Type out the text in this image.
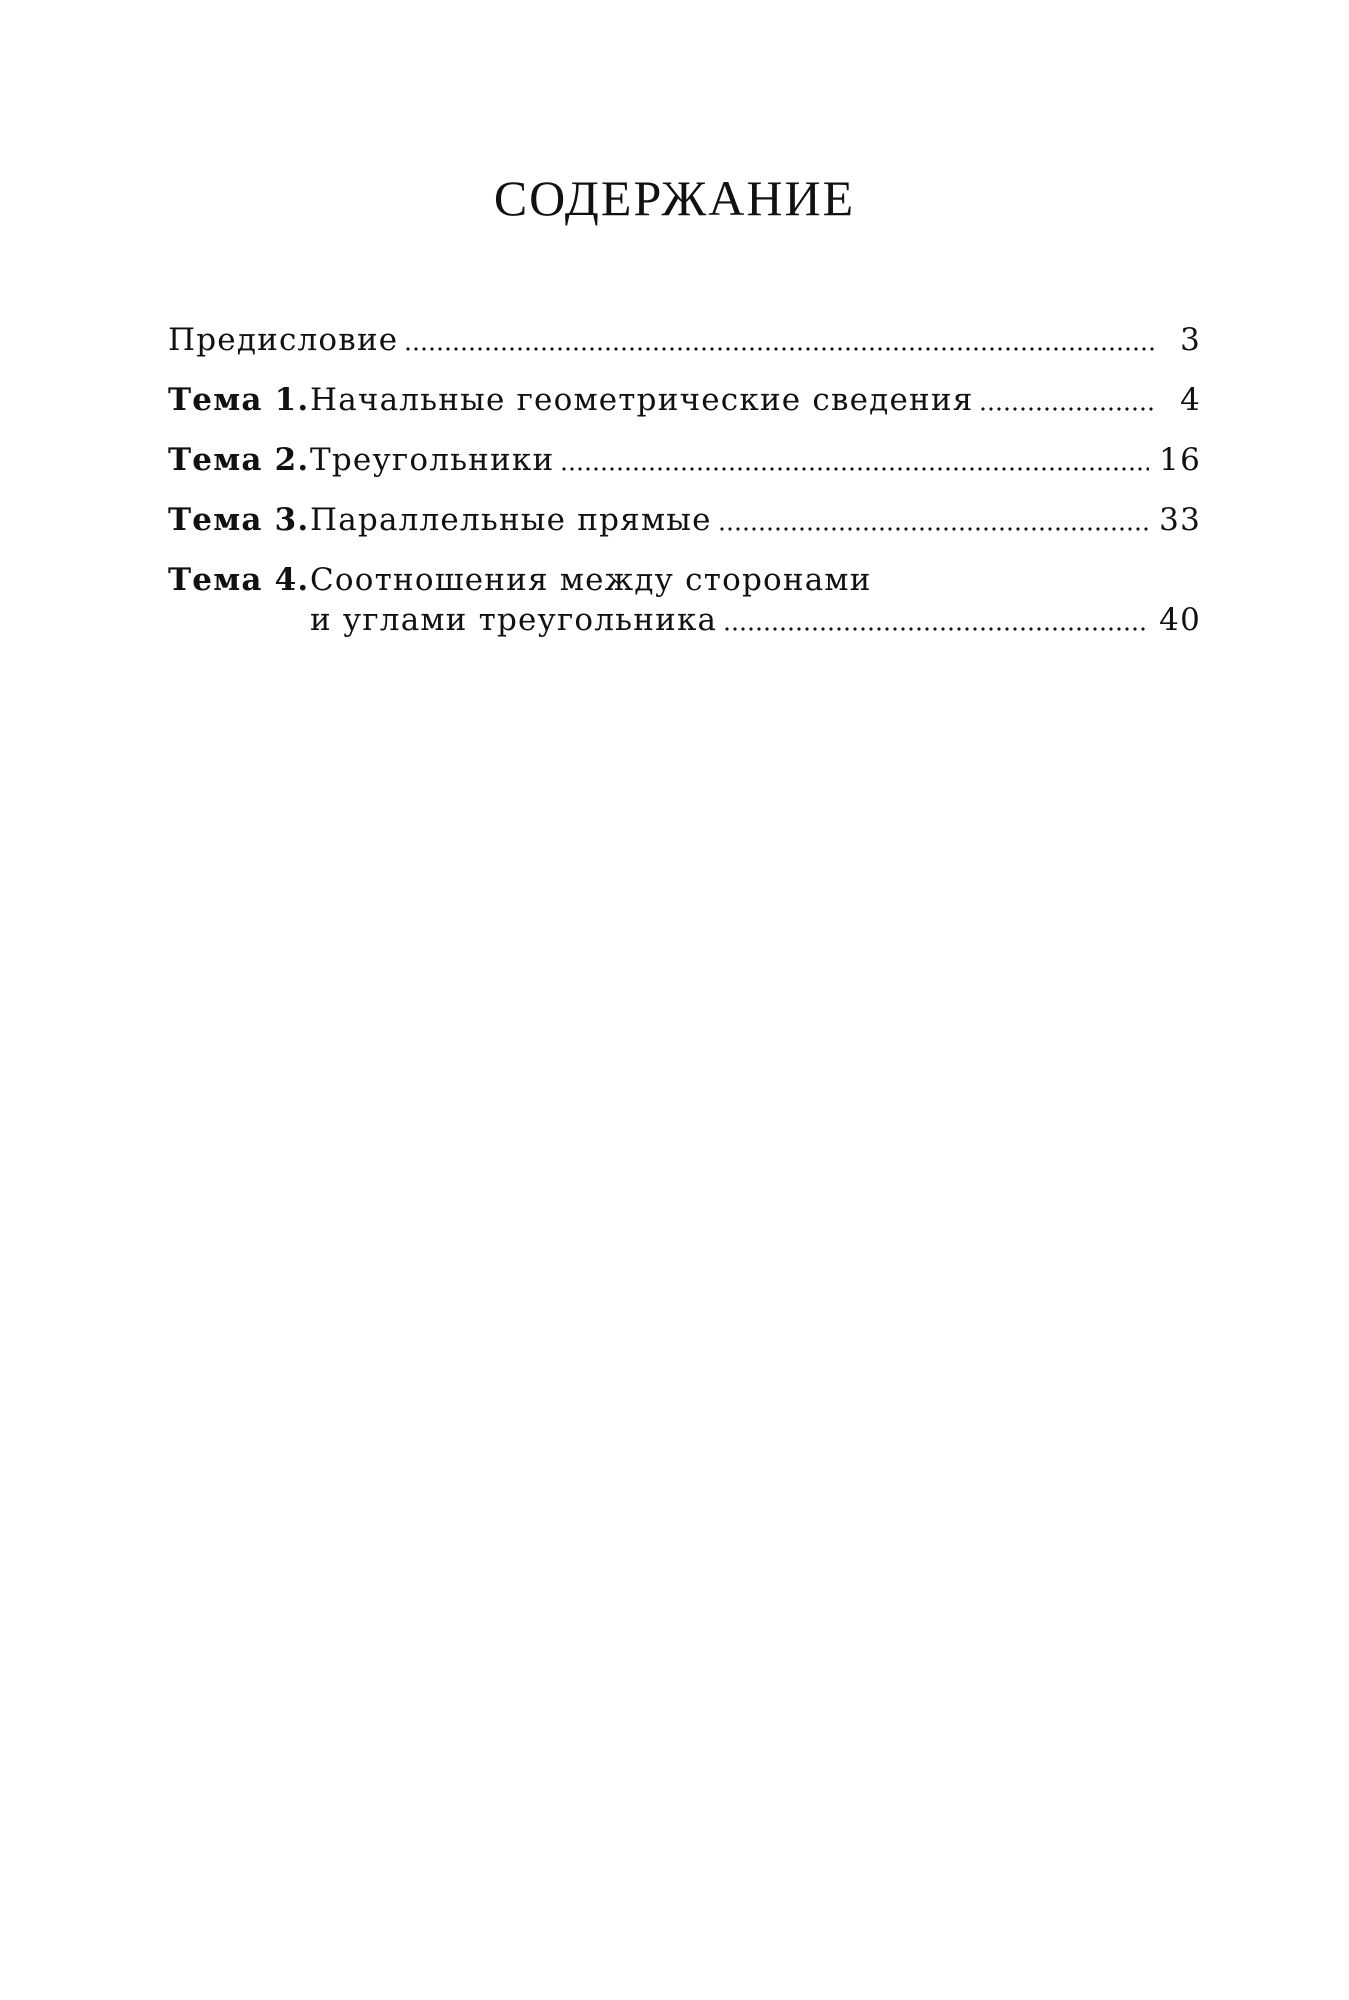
СОДЕРЖАНИЕ
Предисловие	3
Тема 1. Начальные геометрические сведения	4
Тема 2. Треугольники	16
Тема 3. Параллельные прямые	33
Тема 4. Соотношения между сторонами
и углами треугольника	40
